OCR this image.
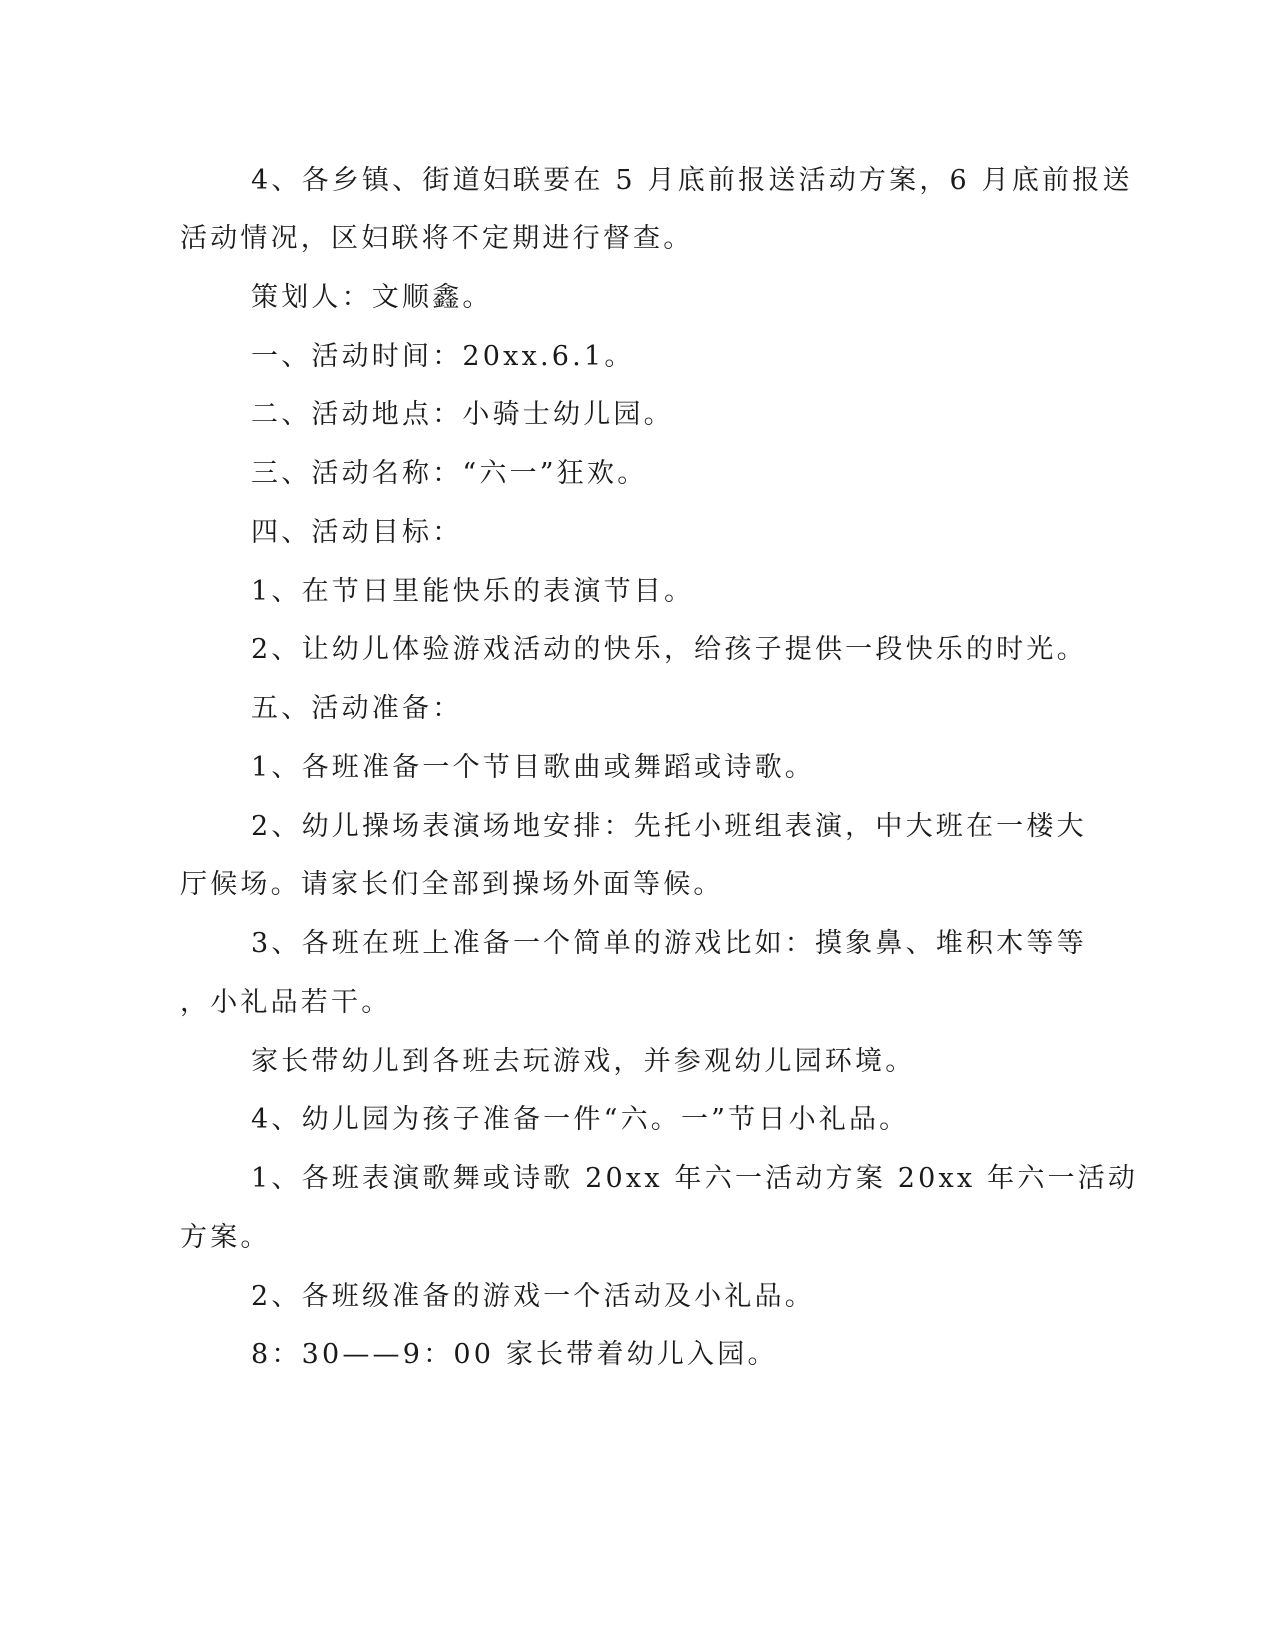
4、各乡镇、街道妇联要在 5 月底前报送活动方案，6 月底前报送
活动情况，区妇联将不定期进行督查。
策划人：文顺鑫。
一、活动时间：20xx.6.1。
二、活动地点：小骑士幼儿园。
三、活动名称：“六一”狂欢。
四、活动目标：
1、在节日里能快乐的表演节目。
2、让幼儿体验游戏活动的快乐，给孩子提供一段快乐的时光。
五、活动准备：
1、各班准备一个节目歌曲或舞蹈或诗歌。
2、幼儿操场表演场地安排：先托小班组表演，中大班在一楼大
厅候场。请家长们全部到操场外面等候。
3、各班在班上准备一个简单的游戏比如：摸象鼻、堆积木等等
，小礼品若干。
家长带幼儿到各班去玩游戏，并参观幼儿园环境。
4、幼儿园为孩子准备一件“六。一”节日小礼品。
1、各班表演歌舞或诗歌 20xx 年六一活动方案 20xx 年六一活动
方案。
2、各班级准备的游戏一个活动及小礼品。
8：30——9：00 家长带着幼儿入园。
